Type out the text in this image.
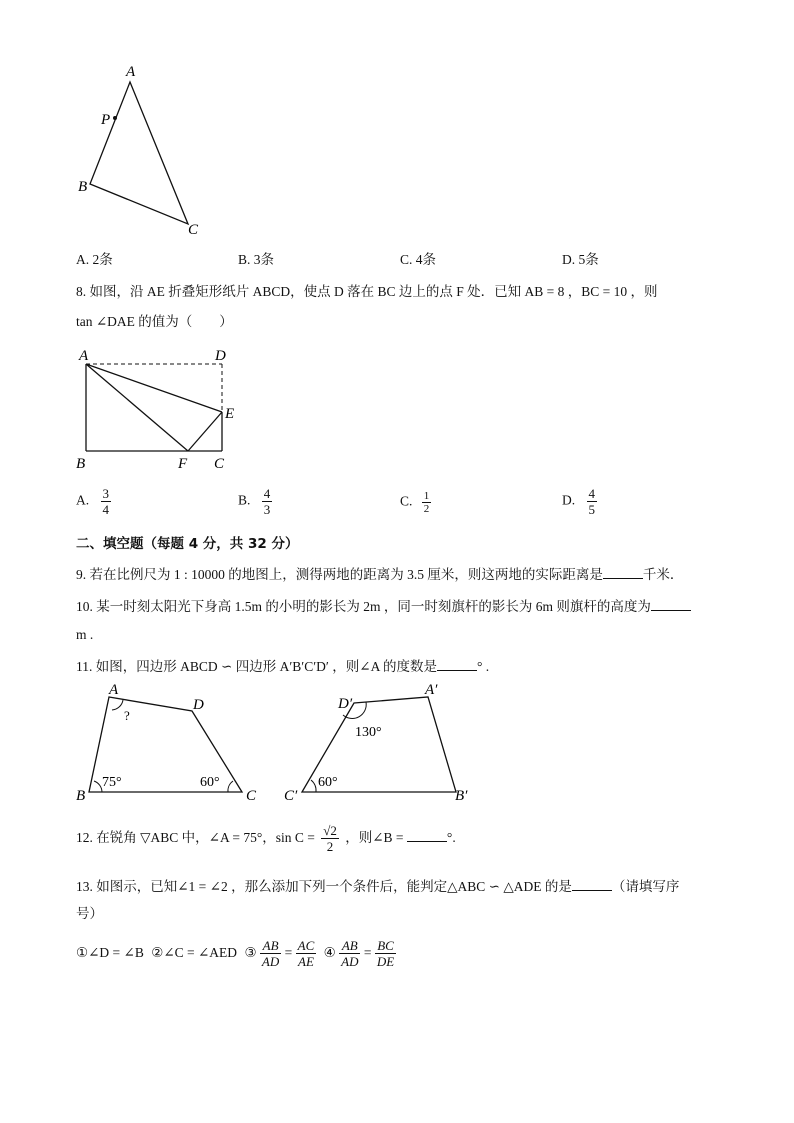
A
P
B
C
A. 2条	B. 3条	C. 4条	D. 5条
8. 如图，沿 AE 折叠矩形纸片 ABCD，使点 D 落在 BC 边上的点 F 处．已知 AB = 8 ，BC = 10 ，则
tan ∠DAE 的值为（　　）
A	D
E
B	F C
A. $\frac{3}{4}$	B. $\frac{4}{3}$	C. $\frac{1}{2}$	D. $\frac{4}{5}$
二、填空题（每题 4 分，共 32 分）
9. 若在比例尺为 1 : 10000 的地图上，测得两地的距离为 3.5 厘米，则这两地的实际距离是	千米．
10. 某一时刻太阳光下身高 1.5m 的小明的影长为 2m ，同一时刻旗杆的影长为 6m 则旗杆的高度为
m .
11. 如图，四边形 ABCD ∽ 四边形 A′B′C′D′ ，则∠A 的度数是	° .
A
D
B	C
?
75°	60°
D′
A′
C′	B′
130°
60°
12. 在锐角 ▽ABC 中，∠A = 75°，$\sin C = \frac{√2}{2}$ ，则∠B =	°.
13. 如图示，已知∠1 = ∠2 ，那么添加下列一个条件后，能判定△ABC ∽ △ADE 的是	（请填写序
号）
①∠D = ∠B ②∠C = ∠AED ③ $\frac{AB}{AD} = \frac{AC}{AE}$ ④ $\frac{AB}{AD} = \frac{BC}{DE}$
